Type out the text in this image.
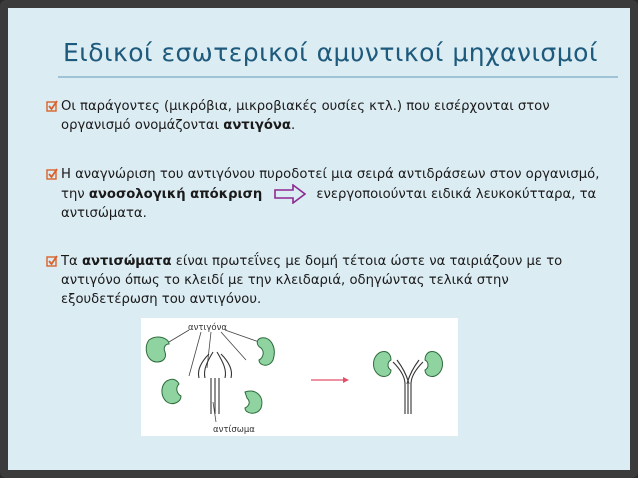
Ειδικοί εσωτερικοί αμυντικοί μηχανισμοί
Οι παράγοντες (μικρόβια, μικροβιακές ουσίες κτλ.) που εισέρχονται στον οργανισμό ονομάζονται αντιγόνα.
Η αναγνώριση του αντιγόνου πυροδοτεί μια σειρά αντιδράσεων στον οργανισμό, την ανοσολογική απόκριση	ενεργοποιούνται ειδικά λευκοκύτταρα, τα αντισώματα.
Τα αντισώματα είναι πρωτεΐνες με δομή τέτοια ώστε να ταιριάζουν με το αντιγόνο όπως το κλειδί με την κλειδαριά, οδηγώντας τελικά στην εξουδετέρωση του αντιγόνου.
αντιγόνα
αντίσωμα
